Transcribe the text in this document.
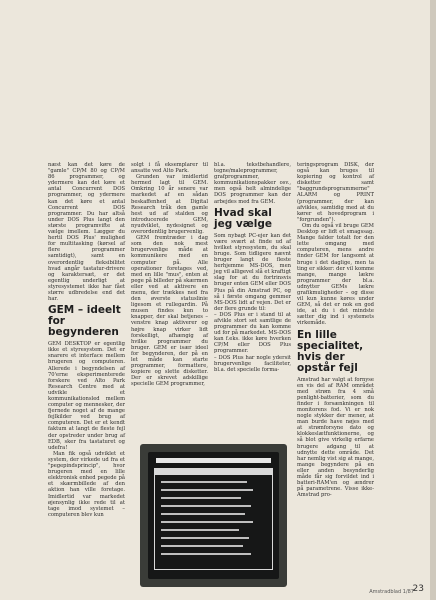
næst kan det køre de "gamle" CP/M 80 og CP/M 86 programmer, og ydermere kan det køre et antal Concurrent DOS programmer, og ydermere kan det køre et antal Concurrent DOS programmer. Du har altså under DOS Plus langt den største programvifte at vælge imellem. Lægger du hertil DOS Plus' mulighed for multitasking (kørsel af flere programmer samtidigt), samt en overordentlig fleksibilitet hvad angår tastatur-drivere og karaktersæt, er det egentlig underligt at styresystemet ikke har fået større udbredelse end det har.

GEM – ideelt for begynderen

GEM DESKTOP er egentlig ikke et styresystem. Det er snarere et interface mellem brugeren og computeren. Allerede i begyndelsen af 70'erne eksperimenterede forskere ved Alto Park Research Centre med at udvikle et kommunikationsled mellem computer og mennesker, der fjernede noget af de mange fejlkilder ved brug af computeren. Det er et kendt faktum at langt de fleste fejl der opstreder under brug af EDB, sker fra tastaturet og udefra!

Man fik også udviklet et system, der virkede ud fra et "pegepindsprincip", hvor brugeren med en lille elektronisk enhed pegede på et skærmbillede af den aktion han ville foretage. Imidlertid var markedet øjensynlig ikke rede til at tage imod systemet – computeren blev kun

solgt i få eksemplarer til ansatte ved Alto Park.

Grunden var imidlertid hermed lagt til GEM. Omkring 10 år senere var markedet af en sådan beskaffenhed at Digital Research tråk den gamle hest ud af stalden og introducerede GEM, nyudviklet, nydesignet og overordentlig brugervenlig.

GEM fremtræder i dag som den nok mest brugervenlige måde at kommunikere med en computer på. Alle operationer foretages ved, med en lille "mus", enten at pege på billeder på skærmen eller ved at aktivere en menu, der trækkes ned fra den øverste statuslinie ligesom et rullegardin. På musen findes kun to knapper, der skal betjenes – venstre knap aktiverer og højre knap virker lidt forskelligt, afhængig af hvilke programmer du bruger. GEM er især ideel for begynderen, der på en let måde kan starte programmer, formattere, kopiere og slette disketter. Der er skrevet adskillige specielle GEM programmer,

bl.a. tekstbehandlere, tegne/maleprogrammer, grafprogrammer, kommunikationspakker osv., men også helt almindelige DOS programmer kan der arbejdes med fra GEM.

Hvad skal jeg vælge

Som nybagt PC-ejer kan det være svært at finde ud af hvilket styresystem, du skal bruge. Som tidligere nævnt bruger langt de fleste herhjemme MS-DOS, men jeg vil alligevel slå et kraftigt slag for at du fortrinsvis bruger enten GEM eller DOS Plus på din Amstrad PC, og så i første omgang gemmer MS-DOS lidt af vejen. Det er der flere grunde til:

– DOS Plus er i stand til at afvikle stort set samtlige de programmer du kan komme ud for på markedet. MS-DOS kan f.eks. ikke køre hverken CP/M eller DOS Plus programmer.

– DOS Plus har nogle ydersit brugervenlige faciliteter, bl.a. det specielle forma-

teringsprogram DISK, der også kan bruges til kopiering og kontrol af disketter samt "baggrundsprogrammerne" ALARM og PRINT (programmer, der kan afvikles, samtidig med at du kører et hovedprogram i "forgrunden").

Om du også vil bruge GEM Desktop er lidt et smagssag. Mange falder totalt for den lette omgang med computeren, mens andre finder GEM for langsomt at bruge i det daglige, men ta ting er sikker: der vil komme mange, mange lækre programmer der bl.a. udnytter GEMs lækre grafikmuligheder – og disse vil kun kunne køres under GEM, så det er nok en god ide, at du i det mindste sætter dig ind i systemets virkemåde.

En lille specialitet, hvis der opstår fejl

Amstrad har valgt at fornyse en vis del af RAM området med strøm fra 4 små penlight-batterier, som du finder i forsænkningen til monitorens fod. Vi er nok nogle stykker der mener, at man burde have nøjes med at strømforsyne dato og klokkeslætfunktionerne, og så blot give virkelig erfarne brugere adgang til at udnytte dette område. Det har nemlig vist sig at mange, mange begyndere på en eller anden besynderlig måde får sig forvildet ind i batteri-RAM'en og ændrer på parametrene. Visse ikke-Amstrad pro-

Amstradblad 1/87
23
